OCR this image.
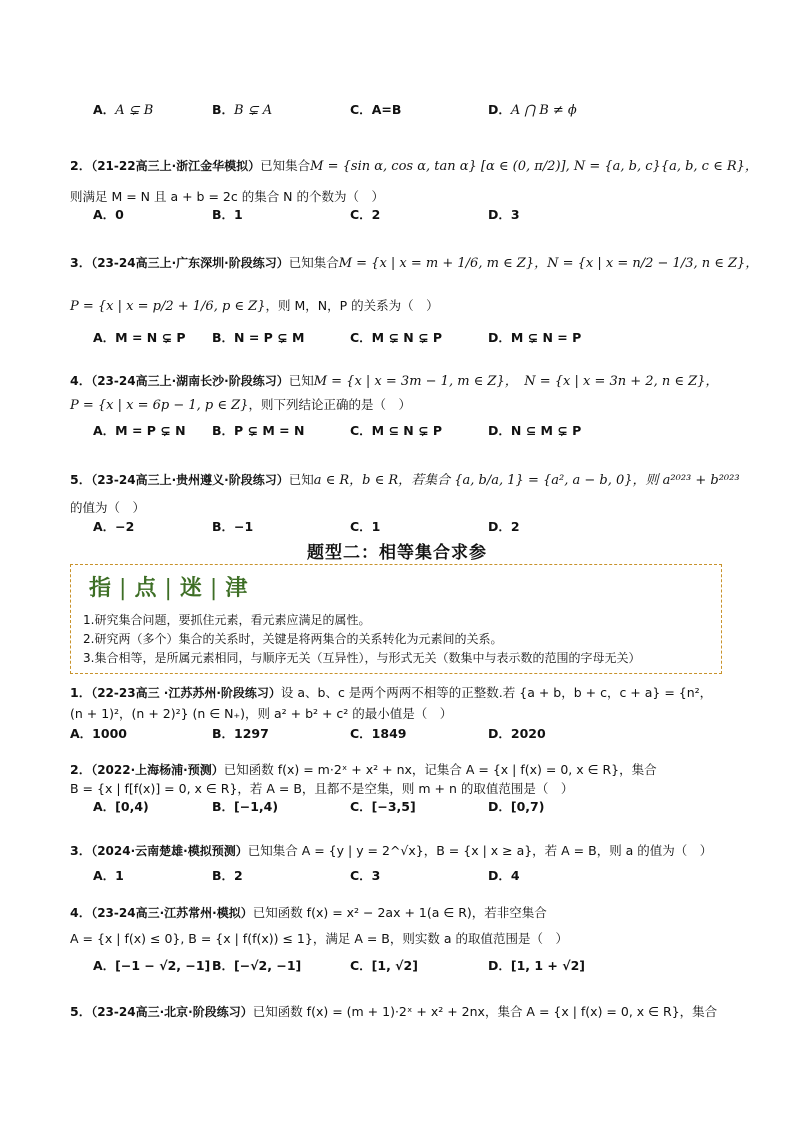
A．A ⊊ B	B．B ⊊ A	C．A=B	D．A ⋂ B ≠ ϕ
2．（21-22高三上·浙江金华模拟）已知集合M = {sin α, cos α, tan α} [α ∈ (0, π/2)], N = {a, b, c}{a, b, c ∈ R}，
则满足 M = N 且 a + b = 2c 的集合 N 的个数为（　）
A．0	B．1	C．2	D．3
3．（23-24高三上·广东深圳·阶段练习）已知集合M = {x | x = m + 1/6, m ∈ Z}，N = {x | x = n/2 − 1/3, n ∈ Z}，
P = {x | x = p/2 + 1/6, p ∈ Z}，则 M，N，P 的关系为（　）
A．M = N ⊊ P B．N = P ⊊ M	C．M ⊊ N ⊊ P	D．M ⊊ N = P
4．（23-24高三上·湖南长沙·阶段练习）已知M = {x | x = 3m − 1, m ∈ Z}，　N = {x | x = 3n + 2, n ∈ Z}，
P = {x | x = 6p − 1, p ∈ Z}，则下列结论正确的是（　）
A．M = P ⊊ N B．P ⊊ M = N	C．M ⊆ N ⊊ P	D．N ⊆ M ⊊ P
5．（23-24高三上·贵州遵义·阶段练习）已知a ∈ R，b ∈ R，若集合 {a, b/a, 1} = {a², a − b, 0}，则 a²⁰²³ + b²⁰²³
的值为（　）
A．−2	B．−1	C．1	D．2
题型二：相等集合求参
指 | 点 | 迷 | 津
1.研究集合问题，要抓住元素，看元素应满足的属性。
2.研究两（多个）集合的关系时，关键是将两集合的关系转化为元素间的关系。
3.集合相等，是所属元素相同，与顺序无关（互异性），与形式无关（数集中与表示数的范围的字母无关）
1．（22-23高三 ·江苏苏州·阶段练习）设 a、b、c 是两个两两不相等的正整数.若 {a + b，b + c，c + a} = {n²，
(n + 1)²，(n + 2)²} (n ∈ N₊)，则 a² + b² + c² 的最小值是（　）
A．1000	B．1297	C．1849	D．2020
2．（2022·上海杨浦·预测）已知函数 f(x) = m·2ˣ + x² + nx，记集合 A = {x | f(x) = 0, x ∈ R}，集合
B = {x | f[f(x)] = 0, x ∈ R}，若 A = B，且都不是空集，则 m + n 的取值范围是（　）
A．[0,4)	B．[−1,4)	C．[−3,5]	D．[0,7)
3．（2024·云南楚雄·模拟预测）已知集合 A = {y | y = 2^√x}，B = {x | x ≥ a}，若 A = B，则 a 的值为（　）
A．1	B．2	C．3	D．4
4．（23-24高三·江苏常州·模拟）已知函数 f(x) = x² − 2ax + 1(a ∈ R)，若非空集合
A = {x | f(x) ≤ 0}, B = {x | f(f(x)) ≤ 1}，满足 A = B，则实数 a 的取值范围是（　）
A．[−1 − √2, −1] B．[−√2, −1]	C．[1, √2]	D．[1, 1 + √2]
5．（23-24高三·北京·阶段练习）已知函数 f(x) = (m + 1)·2ˣ + x² + 2nx，集合 A = {x | f(x) = 0, x ∈ R}，集合
